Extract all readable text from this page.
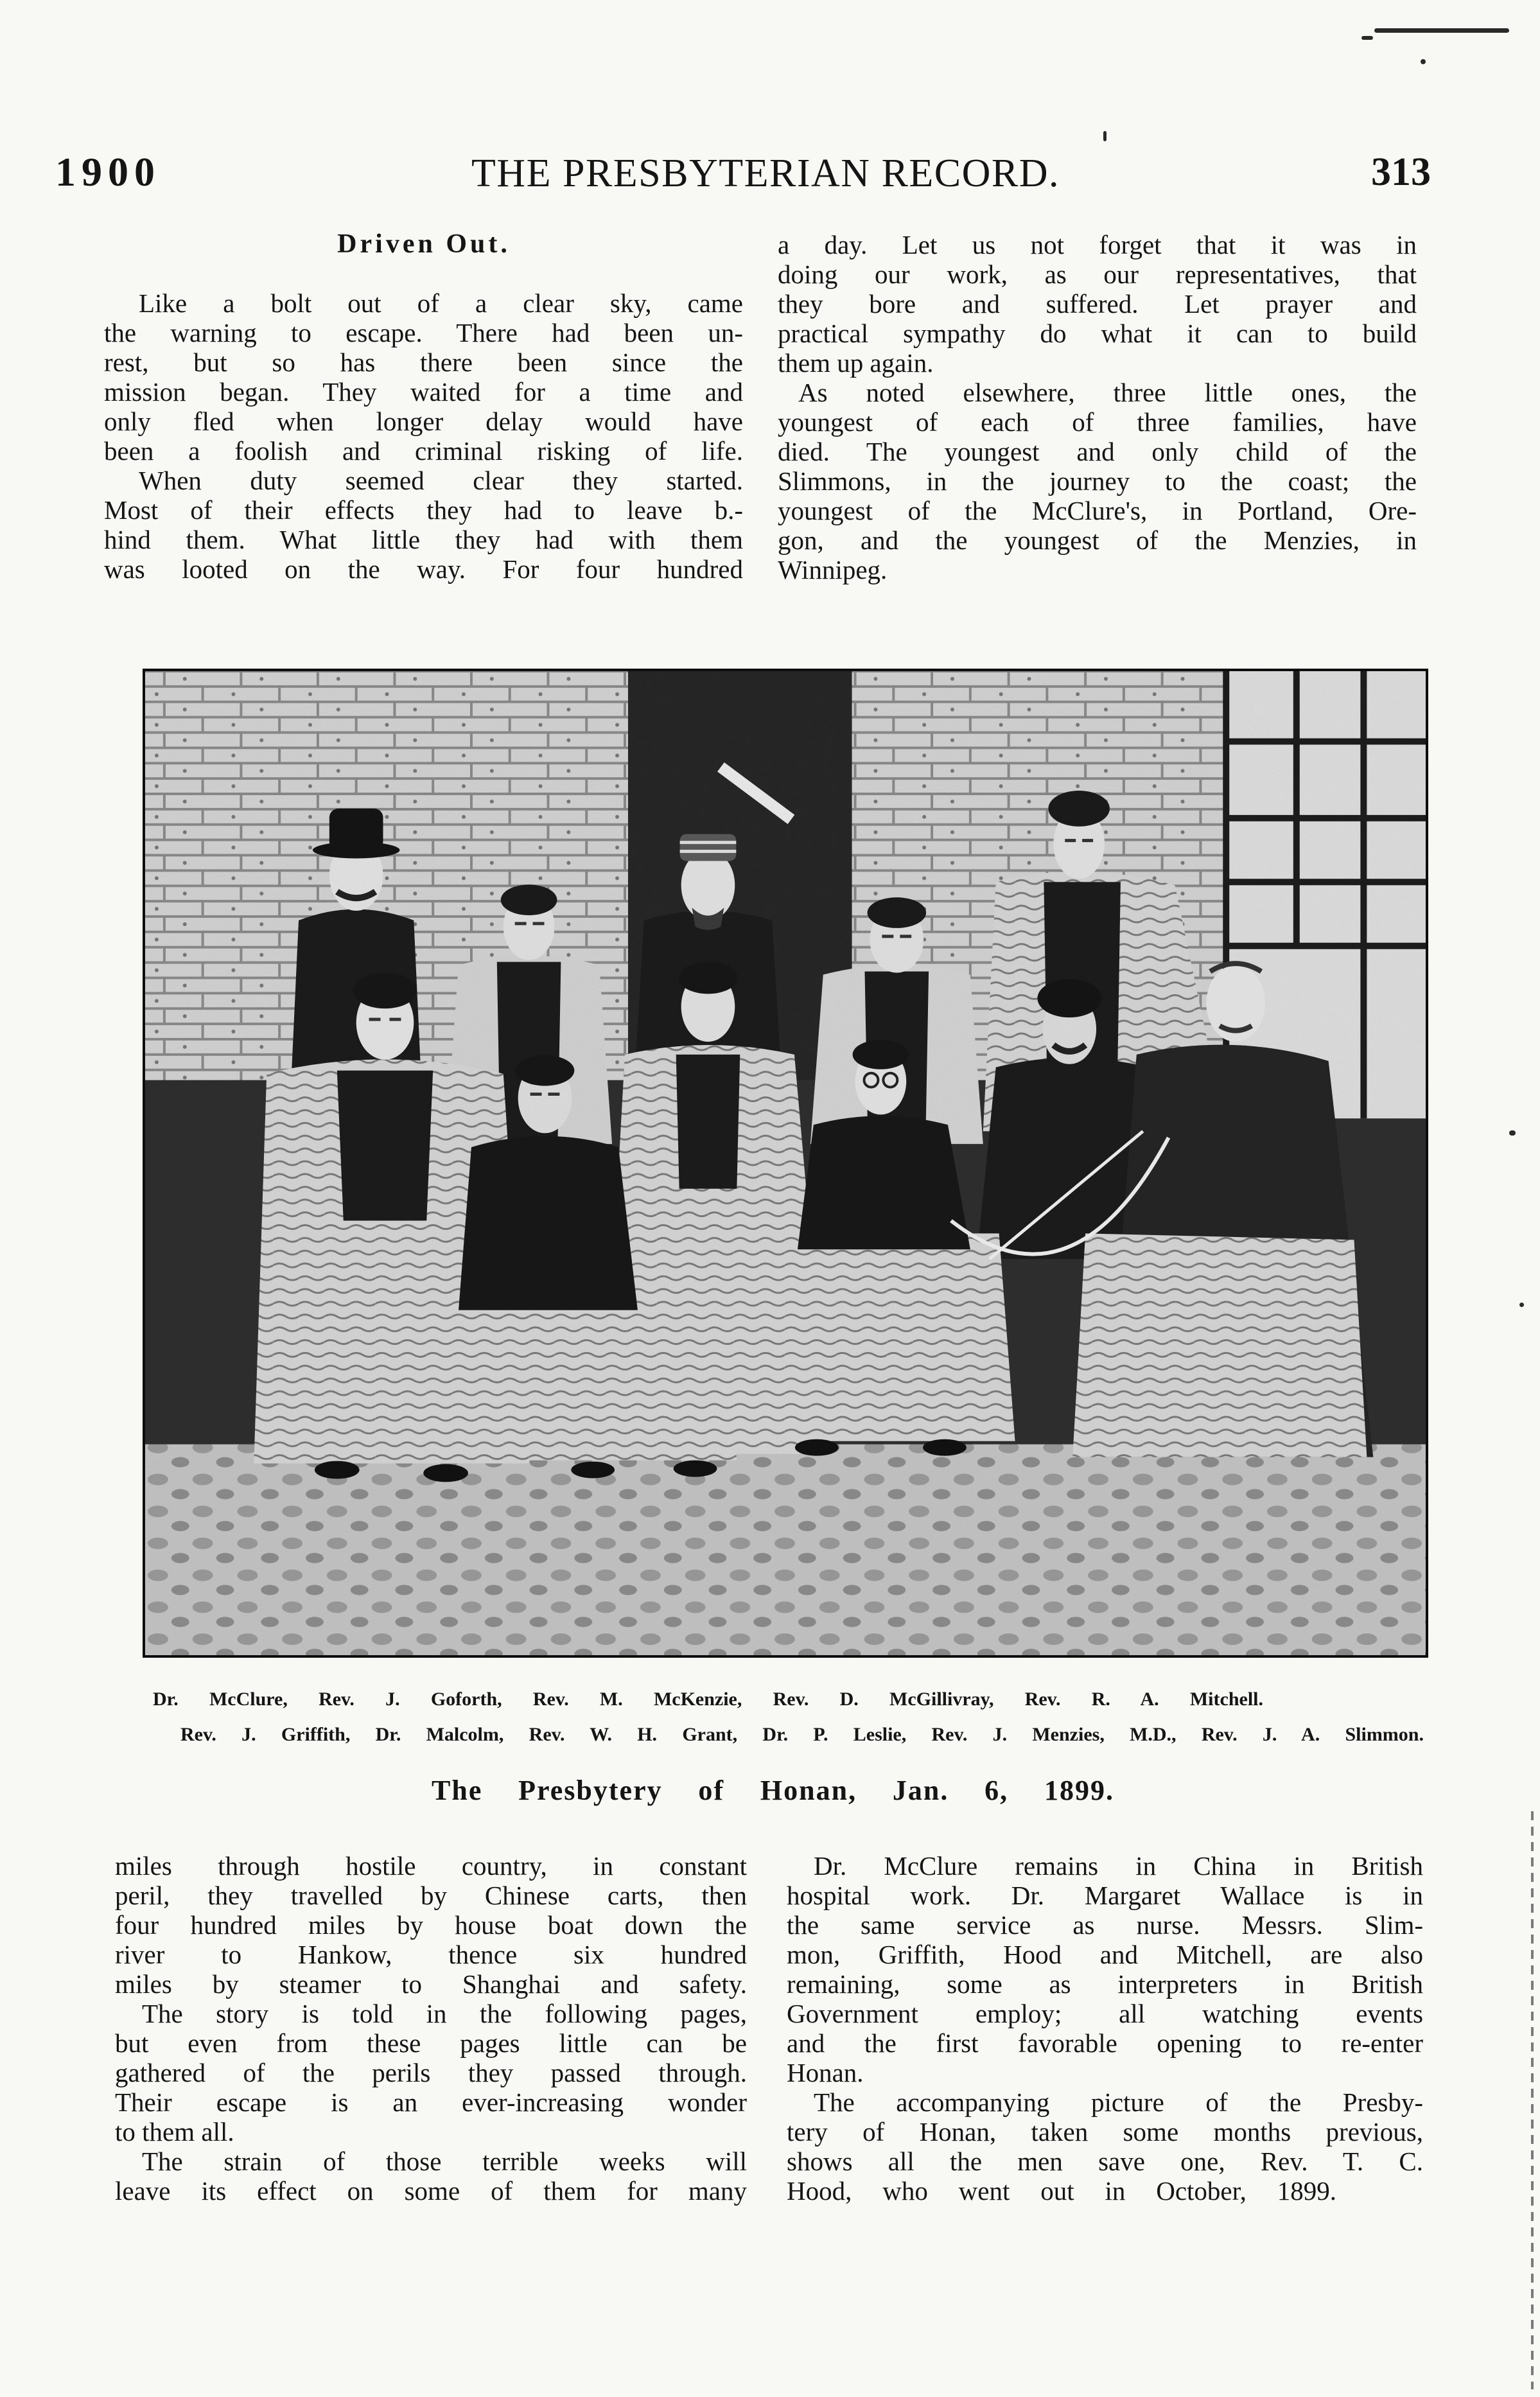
1900	THE PRESBYTERIAN RECORD.	313
Driven Out.
Like a bolt out of a clear sky, came
the warning to escape. There had been un-
rest, but so has there been since the
mission began. They waited for a time and
only fled when longer delay would have
been a foolish and criminal risking of life.
When duty seemed clear they started.
Most of their effects they had to leave b.-
hind them. What little they had with them
was looted on the way. For four hundred
a day. Let us not forget that it was in
doing our work, as our representatives, that
they bore and suffered. Let prayer and
practical sympathy do what it can to build
them up again.
As noted elsewhere, three little ones, the
youngest of each of three families, have
died. The youngest and only child of the
Slimmons, in the journey to the coast; the
youngest of the McClure's, in Portland, Ore-
gon, and the youngest of the Menzies, in
Winnipeg.
Dr. McClure, Rev. J. Goforth, Rev. M. McKenzie, Rev. D. McGillivray, Rev. R. A. Mitchell.
Rev. J. Griffith, Dr. Malcolm, Rev. W. H. Grant, Dr. P. Leslie, Rev. J. Menzies, M.D., Rev. J. A. Slimmon.
The Presbytery of Honan, Jan. 6, 1899.
miles through hostile country, in constant
peril, they travelled by Chinese carts, then
four hundred miles by house boat down the
river to Hankow, thence six hundred
miles by steamer to Shanghai and safety.
The story is told in the following pages,
but even from these pages little can be
gathered of the perils they passed through.
Their escape is an ever-increasing wonder
to them all.
The strain of those terrible weeks will
leave its effect on some of them for many
Dr. McClure remains in China in British
hospital work. Dr. Margaret Wallace is in
the same service as nurse. Messrs. Slim-
mon, Griffith, Hood and Mitchell, are also
remaining, some as interpreters in British
Government employ; all watching events
and the first favorable opening to re-enter
Honan.
The accompanying picture of the Presby-
tery of Honan, taken some months previous,
shows all the men save one, Rev. T. C.
Hood, who went out in October, 1899.
